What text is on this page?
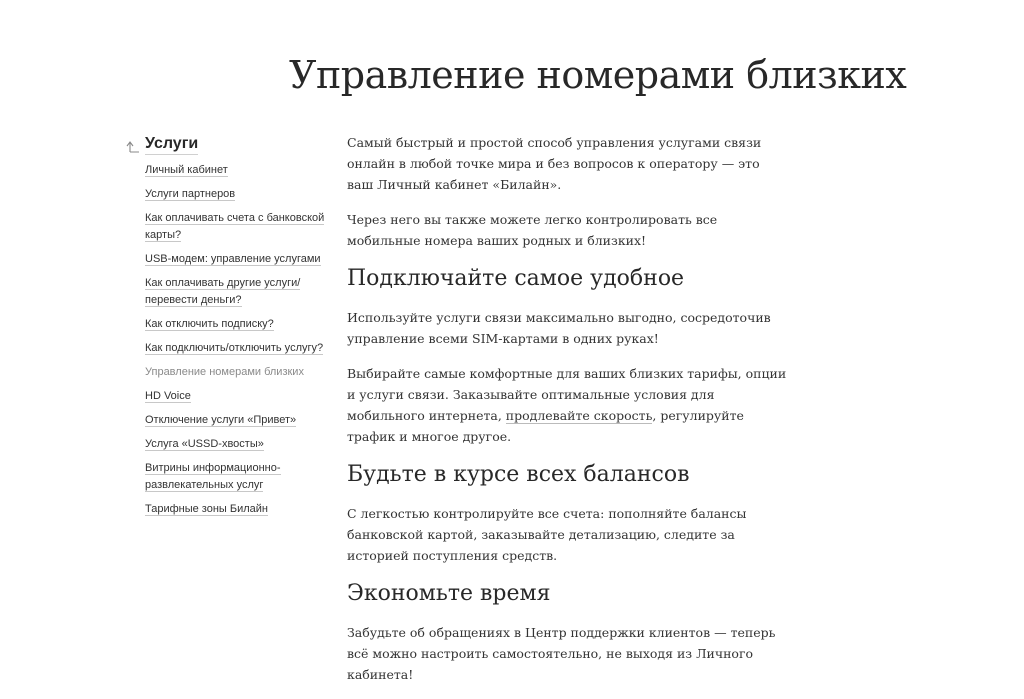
Управление номерами близких
Услуги
Личный кабинет
Услуги партнеров
Как оплачивать счета с банковской карты?
USB-модем: управление услугами
Как оплачивать другие услуги/перевести деньги?
Как отключить подписку?
Как подключить/отключить услугу?
Управление номерами близких
HD Voice
Отключение услуги «Привет»
Услуга «USSD-хвосты»
Витрины информационно-развлекательных услуг
Тарифные зоны Билайн

Самый быстрый и простой способ управления услугами связи онлайн в любой точке мира и без вопросов к оператору — это ваш Личный кабинет «Билайн».

Через него вы также можете легко контролировать все мобильные номера ваших родных и близких!

Подключайте самое удобное

Используйте услуги связи максимально выгодно, сосредоточив управление всеми SIM-картами в одних руках!

Выбирайте самые комфортные для ваших близких тарифы, опции и услуги связи. Заказывайте оптимальные условия для мобильного интернета, продлевайте скорость, регулируйте трафик и многое другое.

Будьте в курсе всех балансов

С легкостью контролируйте все счета: пополняйте балансы банковской картой, заказывайте детализацию, следите за историей поступления средств.

Экономьте время

Забудьте об обращениях в Центр поддержки клиентов — теперь всё можно настроить самостоятельно, не выходя из Личного кабинета!
